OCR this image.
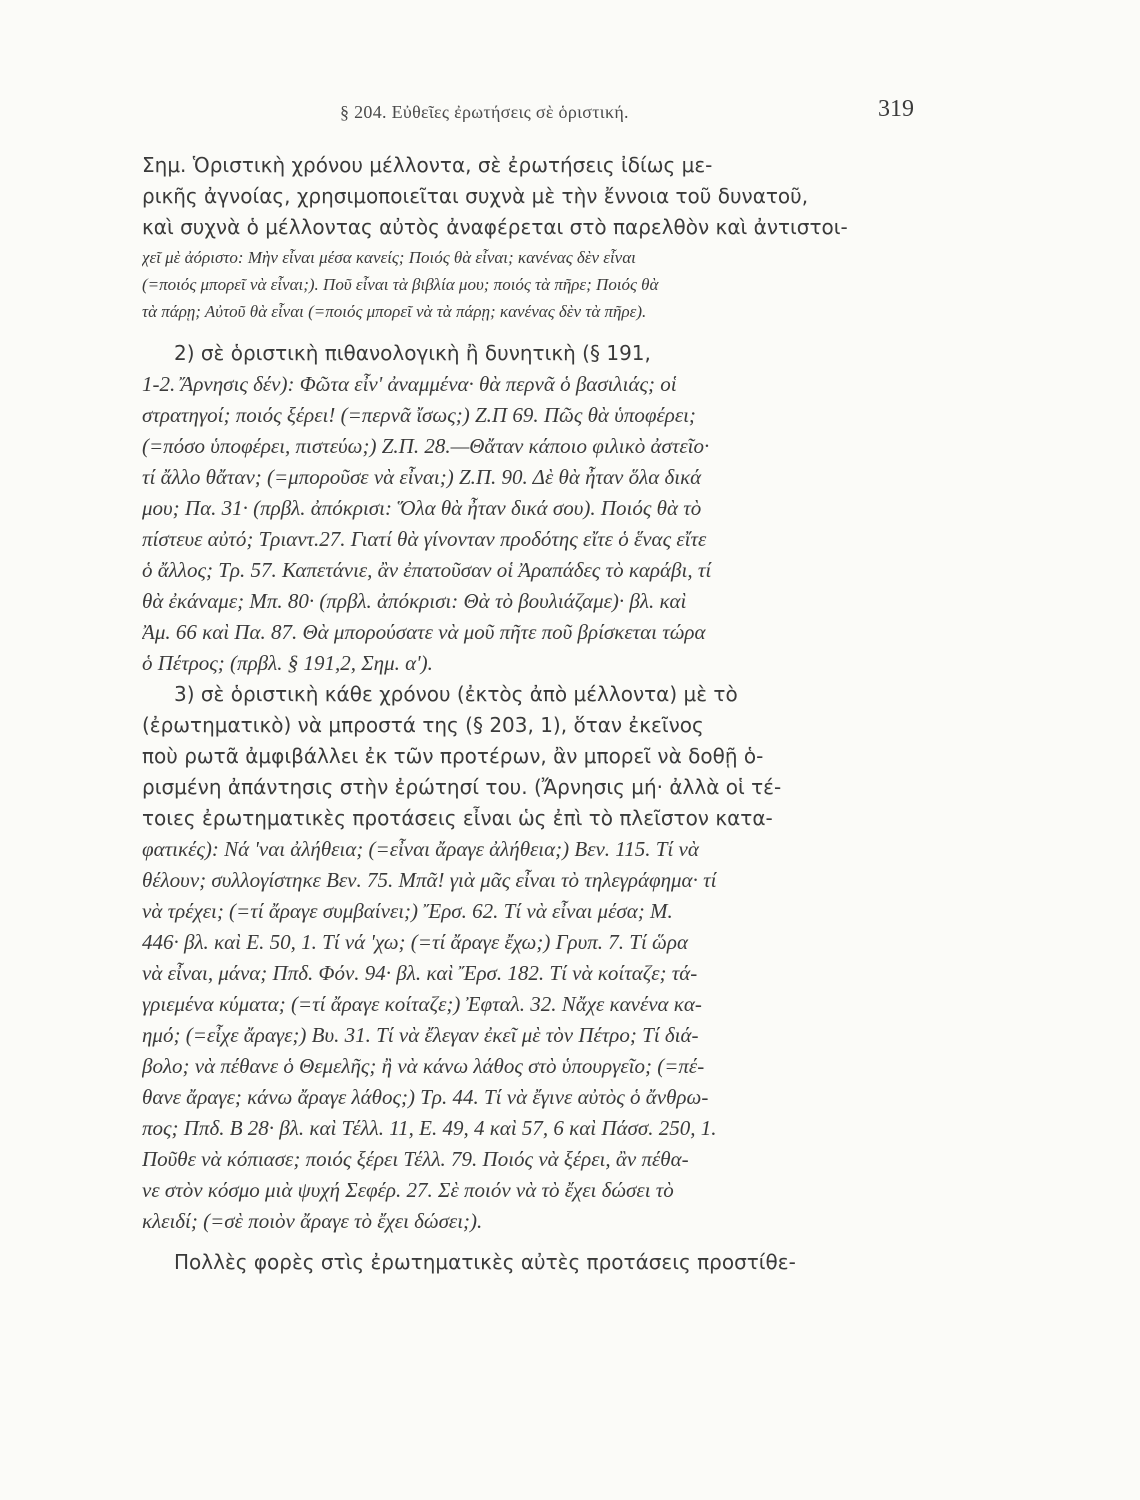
§ 204. Εὐθεῖες ἐρωτήσεις σὲ ὁριστική.	319
Σημ. Ὁριστικὴ χρόνου μέλλοντα, σὲ ἐρωτήσεις ἰδίως με-
ρικῆς ἀγνοίας, χρησιμοποιεῖται συχνὰ μὲ τὴν ἔννοια τοῦ δυνατοῦ,
καὶ συχνὰ ὁ μέλλοντας αὐτὸς ἀναφέρεται στὸ παρελθὸν καὶ ἀντιστοι-
χεῖ μὲ ἀόριστο: Μὴν εἶναι μέσα κανείς; Ποιός θὰ εἶναι; κανένας δὲν εἶναι
(=ποιός μπορεῖ νὰ εἶναι;). Ποῦ εἶναι τὰ βιβλία μου; ποιός τὰ πῆρε; Ποιός θὰ
τὰ πάρῃ; Αὐτοῦ θὰ εἶναι (=ποιός μπορεῖ νὰ τὰ πάρῃ; κανένας δὲν τὰ πῆρε).
2) σὲ ὁριστικὴ πιθανολογικὴ ἢ δυνητικὴ (§ 191,
1-2. Ἄρνησις δέν): Φῶτα εἶν' ἀναμμένα· θὰ περνᾶ ὁ βασιλιάς; οἱ
στρατηγοί; ποιός ξέρει! (=περνᾶ ἴσως;) Ζ.Π 69. Πῶς θὰ ὑποφέρει;
(=πόσο ὑποφέρει, πιστεύω;) Ζ.Π. 28.—Θἄταν κάποιο φιλικὸ ἀστεῖο·
τί ἄλλο θἄταν; (=μποροῦσε νὰ εἶναι;) Ζ.Π. 90. Δὲ θὰ ἦταν ὅλα δικά
μου; Πα. 31· (πρβλ. ἀπόκρισι: Ὅλα θὰ ἦταν δικά σου). Ποιός θὰ τὸ
πίστευε αὐτό; Τριαντ.27. Γιατί θὰ γίνονταν προδότης εἴτε ὁ ἕνας εἴτε
ὁ ἄλλος; Τρ. 57. Καπετάνιε, ἂν ἐπατοῦσαν οἱ Ἀραπάδες τὸ καράβι, τί
θὰ ἐκάναμε; Μπ. 80· (πρβλ. ἀπόκρισι: Θὰ τὸ βουλιάζαμε)· βλ. καὶ
Ἀμ. 66 καὶ Πα. 87. Θὰ μπορούσατε νὰ μοῦ πῆτε ποῦ βρίσκεται τώρα
ὁ Πέτρος; (πρβλ. § 191,2, Σημ. α').
3) σὲ ὁριστικὴ κάθε χρόνου (ἐκτὸς ἀπὸ μέλλοντα) μὲ τὸ
(ἐρωτηματικὸ) νὰ μπροστά της (§ 203, 1), ὅταν ἐκεῖνος
ποὺ ρωτᾶ ἀμφιβάλλει ἐκ τῶν προτέρων, ἂν μπορεῖ νὰ δοθῇ ὁ-
ρισμένη ἀπάντησις στὴν ἐρώτησί του. (Ἄρνησις μή· ἀλλὰ οἱ τέ-
τοιες ἐρωτηματικὲς προτάσεις εἶναι ὡς ἐπὶ τὸ πλεῖστον κατα-
φατικές): Νά 'ναι ἀλήθεια; (=εἶναι ἄραγε ἀλήθεια;) Βεν. 115. Τί νὰ
θέλουν; συλλογίστηκε Βεν. 75. Μπᾶ! γιὰ μᾶς εἶναι τὸ τηλεγράφημα· τί
νὰ τρέχει; (=τί ἄραγε συμβαίνει;) Ἔρσ. 62. Τί νὰ εἶναι μέσα; Μ.
446· βλ. καὶ Ε. 50, 1. Τί νά 'χω; (=τί ἄραγε ἔχω;) Γρυπ. 7. Τί ὥρα
νὰ εἶναι, μάνα; Ππδ. Φόν. 94· βλ. καὶ Ἔρσ. 182. Τί νὰ κοίταζε; τά-
γριεμένα κύματα; (=τί ἄραγε κοίταζε;) Ἐφταλ. 32. Νἄχε κανένα κα-
ημό; (=εἶχε ἄραγε;) Βυ. 31. Τί νὰ ἔλεγαν ἐκεῖ μὲ τὸν Πέτρο; Τί διά-
βολο; νὰ πέθανε ὁ Θεμελῆς; ἢ νὰ κάνω λάθος στὸ ὑπουργεῖο; (=πέ-
θανε ἄραγε; κάνω ἄραγε λάθος;) Τρ. 44. Τί νὰ ἔγινε αὐτὸς ὁ ἄνθρω-
πος; Ππδ. Β 28· βλ. καὶ Τέλλ. 11, Ε. 49, 4 καὶ 57, 6 καὶ Πάσσ. 250, 1.
Ποῦθε νὰ κόπιασε; ποιός ξέρει Τέλλ. 79. Ποιός νὰ ξέρει, ἂν πέθα-
νε στὸν κόσμο μιὰ ψυχή Σεφέρ. 27. Σὲ ποιόν νὰ τὸ ἔχει δώσει τὸ
κλειδί; (=σὲ ποιὸν ἄραγε τὸ ἔχει δώσει;).
Πολλὲς φορὲς στὶς ἐρωτηματικὲς αὐτὲς προτάσεις προστίθε-
